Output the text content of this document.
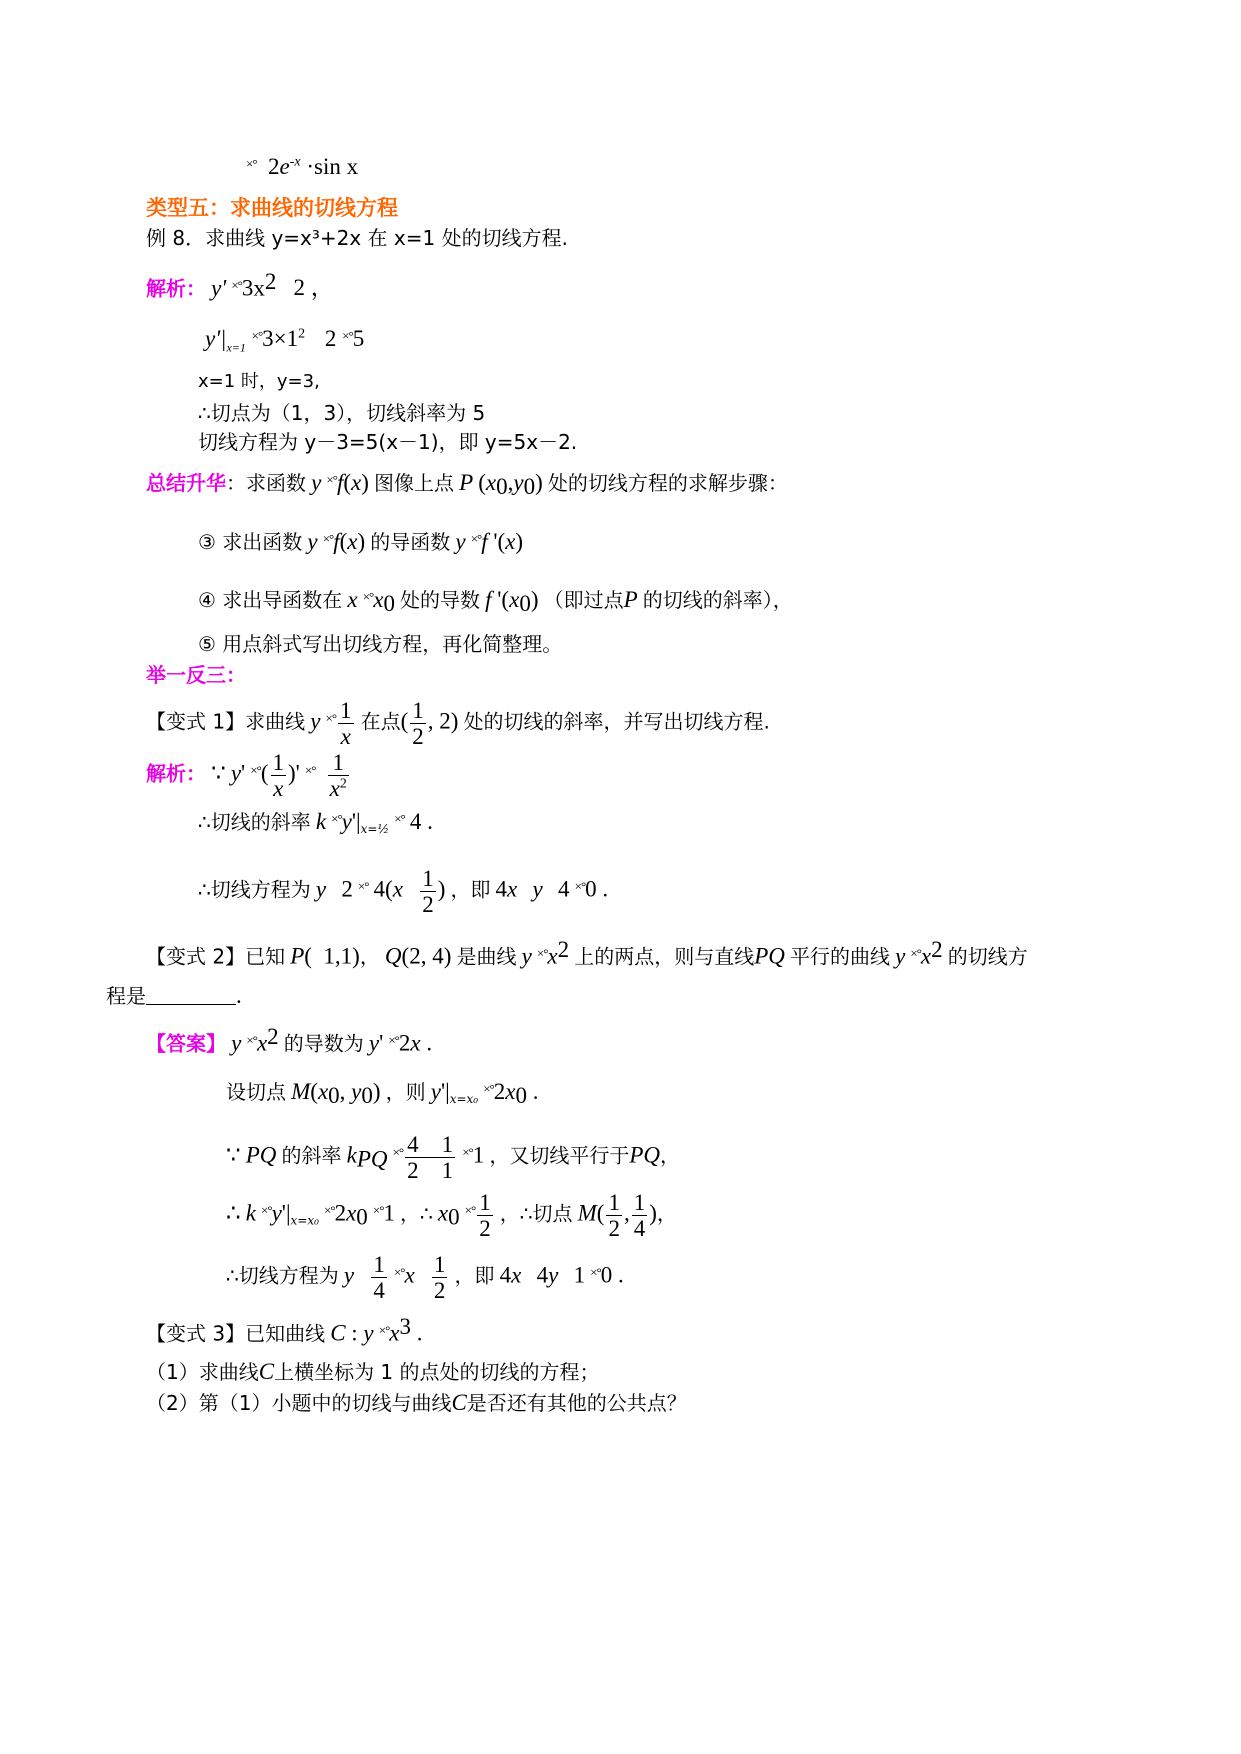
×° $2e^{-x} \cdot\sin$ x
类型五：求曲线的切线方程
例 8．求曲线 y=x³+2x 在 x=1 处的切线方程.
解析： y' $^{\times^\circ}3x^2$ 2 ，
$y'|_{x=1}$ $^{\times^\circ}3\times 1^2$ 2 ×°5
x=1 时，y=3,
∴切点为（1，3），切线斜率为 5
切线方程为 y－3=5(x－1)，即 y=5x－2.
总结升华：求函数 y ×°f(x) 图像上点 P $(x_0,y_0)$ 处的切线方程的求解步骤：
③ 求出函数 y ×°f(x) 的导函数 y ×°f '(x)
④ 求出导函数在 x $^{\times^\circ}x_0$ 处的导数 f '$(x_0)$ （即过点P 的切线的斜率），
⑤ 用点斜式写出切线方程，再化简整理。
举一反三：
【变式 1】求曲线 y $^{\times^\circ} \frac{1}{x}$ 在点( $\frac{1}{2}$ , 2) 处的切线的斜率，并写出切线方程.
解析： ∵ y' $^{\times^\circ}( \frac{1}{x}$ )' $^{\times^\circ} \frac{1}{x^2}$
∴切线的斜率 k $^{\times^\circ}y'|_{x=\frac{1}{2}}$ ×° 4 .
∴切线方程为 y 2 ×° $4(x \frac{1}{2}$ ) ，即 4x y 4 ×°0 .
【变式 2】已知 P(  1,1)， Q(2, 4) 是曲线 y $^{\times^\circ}x^2$ 上的两点，则与直线PQ 平行的曲线 y $^{\times^\circ}x^2$ 的切线方
程是	.
【答案】 y $^{\times^\circ}x^2$ 的导数为 y' ×°2x .
设切点 $M(x_0$, $y_0$) ，则 $y'|_{x=x_0}$ $^{\times^\circ}2x_0$ .
∵ PQ 的斜率 $k_{PQ}$ $^{\times^\circ} \frac{4 1}{2 1} ^{\times^\circ}1$ ，又切线平行于PQ，
∴ k $^{\times^\circ}y'|_{x=x_0}$ $^{\times^\circ}2x_0$ ×°1 ，∴ $x_0$ $^{\times^\circ} \frac{1}{2}$ ，∴切点 $M( \frac{1}{2}$ , $\frac{1}{4}$ )，
∴切线方程为 y $\frac{1}{4} ^{\times^\circ}x \frac{1}{2}$ ，即 4x 4y 1 ×°0 .
【变式 3】已知曲线 C : y $^{\times^\circ}x^3$ .
（1）求曲线C上横坐标为 1 的点处的切线的方程；
（2）第（1）小题中的切线与曲线C是否还有其他的公共点？
